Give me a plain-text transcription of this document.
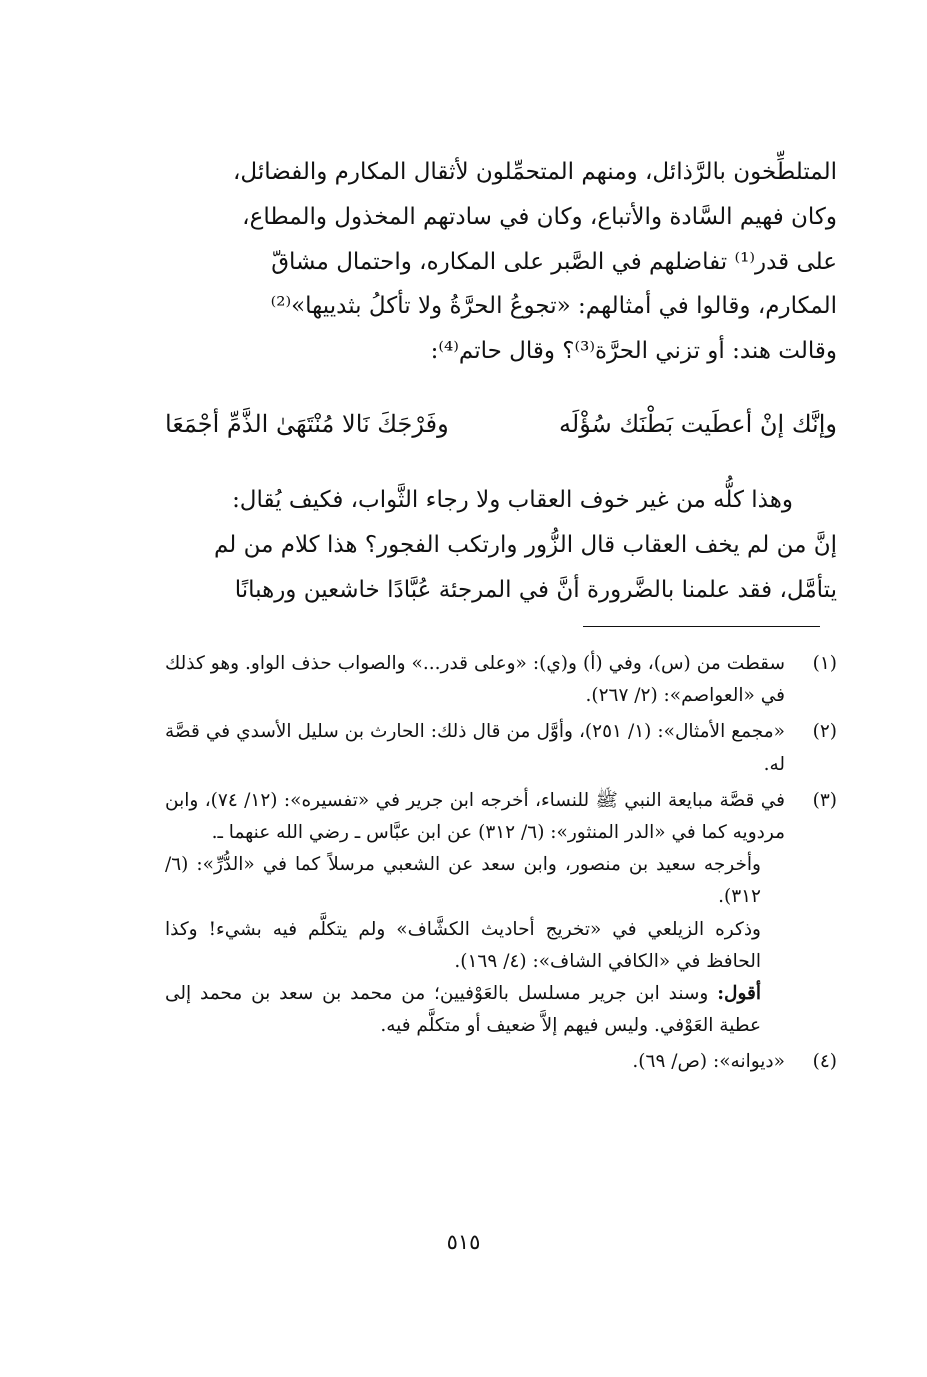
المتلطِّخون بالرَّذائل، ومنهم المتحمِّلون لأثقال المكارم والفضائل،

وكان فهيم السَّادة والأتباع، وكان في سادتهم المخذول والمطاع،

على قدر⁽¹⁾ تفاضلهم في الصَّبر على المكاره، واحتمال مشاقّ

المكارم، وقالوا في أمثالهم: «تجوعُ الحرَّةُ ولا تأكلُ بثدييها»⁽²⁾

وقالت هند: أو تزني الحرَّة⁽³⁾؟ وقال حاتم⁽⁴⁾:

وإنَّك إنْ أعطَيت بَطْنَك سُؤْلَه
وفَرْجَكَ نَالا مُنْتَهَىٰ الذَّمِّ أجْمَعَا

وهذا كلُّه من غير خوف العقاب ولا رجاء الثَّواب، فكيف يُقال:

إنَّ من لم يخف العقاب قال الزُّور وارتكب الفجور؟ هذا كلام من لم

يتأمَّل، فقد علمنا بالضَّرورة أنَّ في المرجئة عُبَّادًا خاشعين ورهبانًا

(١)

سقطت من (س)، وفي (أ) و(ي): «وعلى قدر...» والصواب حذف الواو. وهو كذلك في «العواصم»: (٢/ ٢٦٧).

(٢)

«مجمع الأمثال»: (١/ ٢٥١)، وأوَّل من قال ذلك: الحارث بن سليل الأسدي في قصَّة له.

(٣)

في قصَّة مبايعة النبي ﷺ للنساء، أخرجه ابن جرير في «تفسيره»: (١٢/ ٧٤)، وابن مردويه كما في «الدر المنثور»: (٦/ ٣١٢) عن ابن عبَّاس ـ رضي الله عنهما ـ.

وأخرجه سعيد بن منصور، وابن سعد عن الشعبي مرسلاً كما في «الدُّرِّ»: (٦/ ٣١٢).

وذكره الزيلعي في «تخريج أحاديث الكشَّاف» ولم يتكلَّم فيه بشيء! وكذا الحافظ في «الكافي الشاف»: (٤/ ١٦٩).

أقول: وسند ابن جرير مسلسل بالعَوْفيين؛ من محمد بن سعد بن محمد إلى عطية العَوْفي. وليس فيهم إلاَّ ضعيف أو متكلَّم فيه.

(٤)

«ديوانه»: (ص/ ٦٩).

٥١٥
